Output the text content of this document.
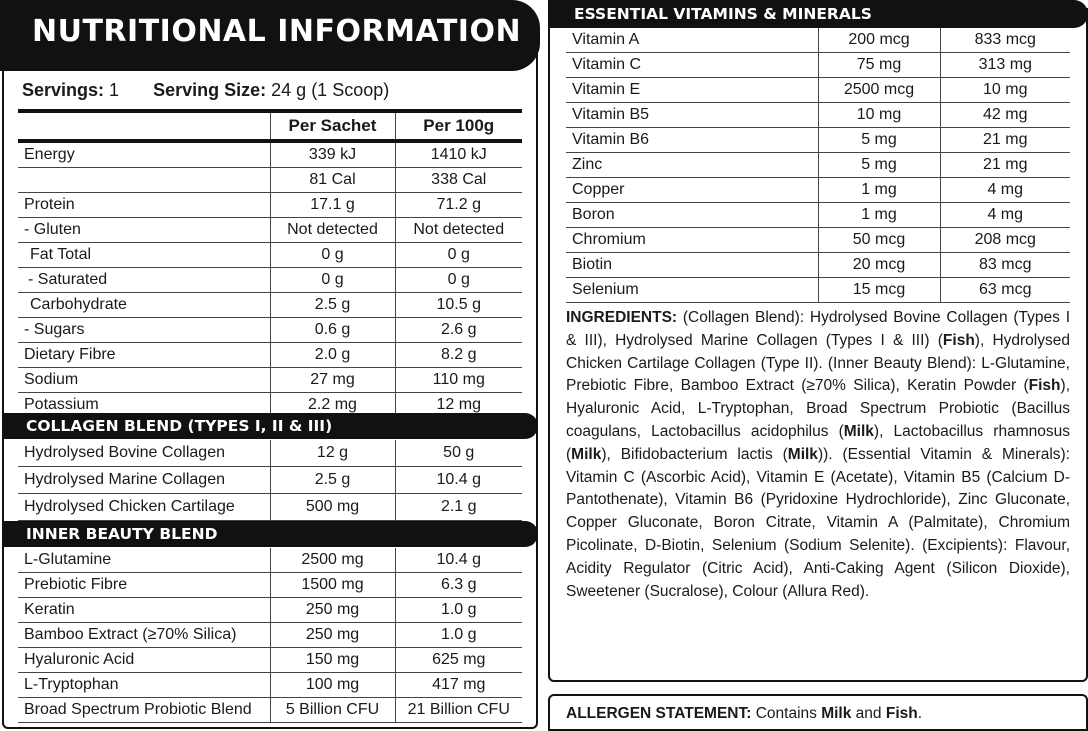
NUTRITIONAL INFORMATION
Servings: 1 Serving Size: 24 g (1 Scoop)
	Per Sachet	Per 100g
Energy	339 kJ	1410 kJ
	81 Cal	338 Cal
Protein	17.1 g	71.2 g
- Gluten	Not detected	Not detected
Fat Total	0 g	0 g
- Saturated	0 g	0 g
Carbohydrate	2.5 g	10.5 g
- Sugars	0.6 g	2.6 g
Dietary Fibre	2.0 g	8.2 g
Sodium	27 mg	110 mg
Potassium	2.2 mg	12 mg
COLLAGEN BLEND (TYPES I, II & III)
Hydrolysed Bovine Collagen	12 g	50 g
Hydrolysed Marine Collagen	2.5 g	10.4 g
Hydrolysed Chicken Cartilage	500 mg	2.1 g
INNER BEAUTY BLEND
L-Glutamine	2500 mg	10.4 g
Prebiotic Fibre	1500 mg	6.3 g
Keratin	250 mg	1.0 g
Bamboo Extract (≥70% Silica)	250 mg	1.0 g
Hyaluronic Acid	150 mg	625 mg
L-Tryptophan	100 mg	417 mg
Broad Spectrum Probiotic Blend	5 Billion CFU	21 Billion CFU
ESSENTIAL VITAMINS & MINERALS
Vitamin A	200 mcg	833 mcg
Vitamin C	75 mg	313 mg
Vitamin E	2500 mcg	10 mg
Vitamin B5	10 mg	42 mg
Vitamin B6	5 mg	21 mg
Zinc	5 mg	21 mg
Copper	1 mg	4 mg
Boron	1 mg	4 mg
Chromium	50 mcg	208 mcg
Biotin	20 mcg	83 mcg
Selenium	15 mcg	63 mcg
INGREDIENTS: (Collagen Blend): Hydrolysed Bovine Collagen (Types I & III), Hydrolysed Marine Collagen (Types I & III) (Fish), Hydrolysed Chicken Cartilage Collagen (Type II). (Inner Beauty Blend): L-Glutamine, Prebiotic Fibre, Bamboo Extract (≥70% Silica), Keratin Powder (Fish), Hyaluronic Acid, L-Tryptophan, Broad Spectrum Probiotic (Bacillus coagulans, Lactobacillus acidophilus (Milk), Lactobacillus rhamnosus (Milk), Bifidobacterium lactis (Milk)). (Essential Vitamin & Minerals): Vitamin C (Ascorbic Acid), Vitamin E (Acetate), Vitamin B5 (Calcium D-Pantothenate), Vitamin B6 (Pyridoxine Hydrochloride), Zinc Gluconate, Copper Gluconate, Boron Citrate, Vitamin A (Palmitate), Chromium Picolinate, D-Biotin, Selenium (Sodium Selenite). (Excipients): Flavour, Acidity Regulator (Citric Acid), Anti-Caking Agent (Silicon Dioxide), Sweetener (Sucralose), Colour (Allura Red).
ALLERGEN STATEMENT: Contains Milk and Fish.
